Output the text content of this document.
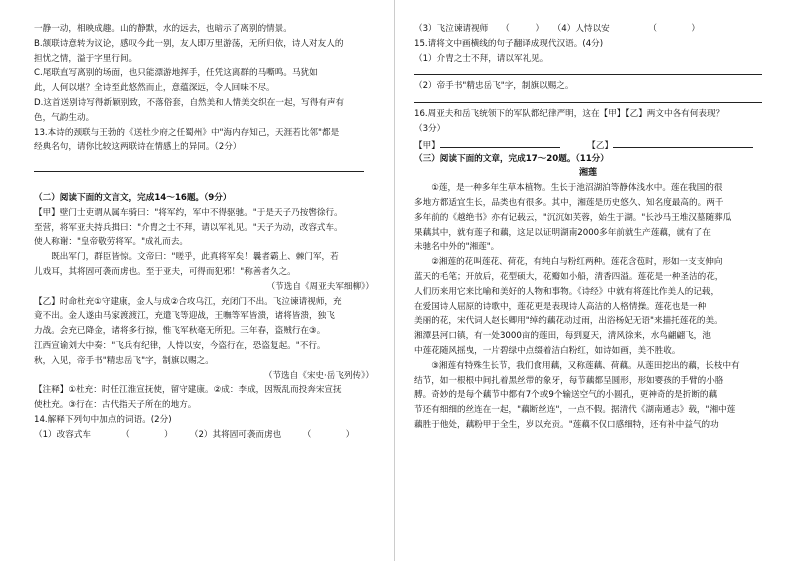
一静一动，相映成趣。山的静默，水的远去，也暗示了离别的情景。
B.颔联诗意转为议论，感叹今此一别，友人即万里游荡，无所归依，诗人对友人的
担忧之情，溢于字里行间。
C.尾联直写离别的场面，也只能漂游地挥手，任凭这离群的马嘶鸣。马犹如
此，人何以堪？全诗至此悠然而止，意蕴深远，令人回味不尽。
D.这首送别诗写得新颖别致，不落俗套，自然美和人情美交织在一起，写得有声有
色，气韵生动。
13.本诗的颈联与王勃的《送杜少府之任蜀州》中"海内存知己，天涯若比邻"都是
经典名句，请你比较这两联诗在情感上的异同。（2分）
（二）阅读下面的文言文，完成14～16题。（9分）
【甲】壁门士吏谓从属车骑曰："将军约，军中不得驱驰。"于是天子乃按辔徐行。
至营，将军亚夫持兵揖曰："介胄之士不拜，请以军礼见。"天子为动，改容式车。
使人称谢："皇帝敬劳将军。"成礼而去。
既出军门，群臣皆惊。文帝曰："嗟乎，此真将军矣！曩者霸上、棘门军，若
儿戏耳，其将固可袭而虏也。至于亚夫，可得而犯邪！"称善者久之。
（节选自《周亚夫军细柳》）
【乙】时命杜充①守建康，金人与成②合攻乌江，充闭门不出。飞泣谏请视师，充
竟不出。金人遂由马家渡渡江，充遣飞等迎战，王嘸等军皆溃，诸将皆溃，独飞
力战。会充已降金，诸将多行掠，惟飞军秋毫无所犯。三年春，盗贼行在③。
江西宣谕刘大中奏："飞兵有纪律，人恃以安，今盗行在，恐盗复起。"不行。
秋，入见，帝手书"精忠岳飞"字，制旗以赐之。
（节选自《宋史·岳飞列传》）
【注释】①杜充：时任江淮宣抚使，留守建康。②成：李成，因叛乱而投奔宋宣抚
使杜充。③行在：古代指天子所在的地方。
14.解释下列句中加点的词语。(2分)
（1）改容式车　　　　（　　　　）　　　（2）其将固可袭而虏也　　　（　　　　）
（3）飞泣谏请视师　　（　　　）　　（4）人恃以安　　　　　（　　　　）
15.请将文中画横线的句子翻译成现代汉语。(4分)
（1）介胄之士不拜，请以军礼见。
（2）帝手书"精忠岳飞"字，制旗以赐之。
16.周亚夫和岳飞统领下的军队都纪律严明，这在【甲】【乙】两文中各有何表现？
（3分）
【甲】	【乙】
（三）阅读下面的文章，完成17～20题。（11分）
湘莲
①莲，是一种多年生草本植物。生长于池沼湖泊等静体浅水中。莲在我国的很
多地方都适宜生长，品类也有很多。其中，湘莲是历史悠久、知名度最高的。两千
多年前的《越绝书》亦有记载云，"沉沉如芙蓉，始生于湖。"长沙马王堆汉墓随葬瓜
果藕其中，就有莲子和藕，这足以证明湖南2000多年前就生产莲藕，就有了在
未驰名中外的"湘莲"。
②湘莲的花叫莲花、荷花，有纯白与粉红两种。莲花含苞时，形如一支支伸向
蓝天的毛笔；开放后，花型硕大，花瓣如小船，清香四溢。莲花是一种圣洁的花，
人们历来用它来比喻和美好的人物和事物。《诗经》中就有将莲比作美人的记载，
在爱国诗人屈原的诗歌中，莲花更是表现诗人高洁的人格情操。莲花也是一种
美丽的花，宋代词人赵长卿用"绰约藕花动过雨，出浴杨妃无语"来描托莲花的美。
湘潭县河口镇，有一处3000亩的莲田，每到夏天，清风徐来，水鸟翩翩飞，池
中莲花随风摇曳，一片碧绿中点缀着洁白粉红，如诗如画，美不胜收。
③湘莲有特殊生长节，我们食用藕，又称莲藕、荷藕。从莲田挖出的藕，长枝中有
结节，如一根根中间扎着黑丝带的象牙，每节藕都呈圆形，形如婴孩的手臂的小胳
膊。奇妙的是每个藕节中都有7个或9个输送空气的小圆孔，更神奇的是折断的藕
节还有细细的丝连在一起，"藕断丝连"，一点不假。据清代《湖南通志》载，"湘中莲
藕胜于他处，藕粉甲于全生，岁以充贡。"莲藕不仅口感细特，还有补中益气的功
